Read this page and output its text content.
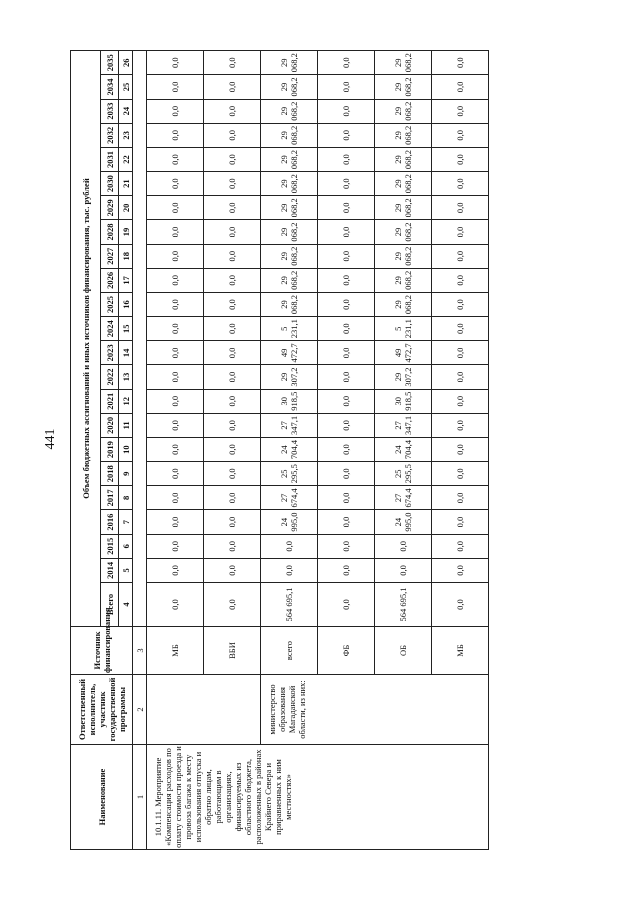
441
Наименование	Ответственный исполнитель, участник государственной программы	Источник финансирования	Объем бюджетных ассигнований и иных источников финансирования, тыс. рублей																						
			Всего	2014	2015	2016	2017	2018	2019	2020	2021	2022	2023	2024	2025	2026	2027	2028	2029	2030	2031	2032	2033	2034	2035
			4	5	6	7	8	9	10	11	12	13	14	15	16	17	18	19	20	21	22	23	24	25	26
1	2	3																							
10.1.11. Мероприятие «Компенсация расходов по оплату стоимости проезда и провоза багажа к месту использования отпуска и обратно лицам, работающим в организациях, финансируемых из областного бюджета, расположенных в районах Крайнего Севера и приравненных к ним местностях»		МБ	0,0	0,0	0,0	0,0	0,0	0,0	0,0	0,0	0,0	0,0	0,0	0,0	0,0	0,0	0,0	0,0	0,0	0,0	0,0	0,0	0,0	0,0	0,0
		ВБИ	0,0	0,0	0,0	0,0	0,0	0,0	0,0	0,0	0,0	0,0	0,0	0,0	0,0	0,0	0,0	0,0	0,0	0,0	0,0	0,0	0,0	0,0	0,0
	министерство образования Магаданской области, из них:	всего	564 695,1	0,0	0,0	24 995,0	27 674,4	25 295,5	24 704,4	27 347,1	30 918,5	29 307,2	49 472,7	5 231,1	29 068,2	29 068,2	29 068,2	29 068,2	29 068,2	29 068,2	29 068,2	29 068,2	29 068,2	29 068,2	29 068,2
		ФБ	0,0	0,0	0,0	0,0	0,0	0,0	0,0	0,0	0,0	0,0	0,0	0,0	0,0	0,0	0,0	0,0	0,0	0,0	0,0	0,0	0,0	0,0	0,0
		ОБ	564 695,1	0,0	0,0	24 995,0	27 674,4	25 295,5	24 704,4	27 347,1	30 918,5	29 307,2	49 472,7	5 231,1	29 068,2	29 068,2	29 068,2	29 068,2	29 068,2	29 068,2	29 068,2	29 068,2	29 068,2	29 068,2	29 068,2
		МБ	0,0	0,0	0,0	0,0	0,0	0,0	0,0	0,0	0,0	0,0	0,0	0,0	0,0	0,0	0,0	0,0	0,0	0,0	0,0	0,0	0,0	0,0	0,0
